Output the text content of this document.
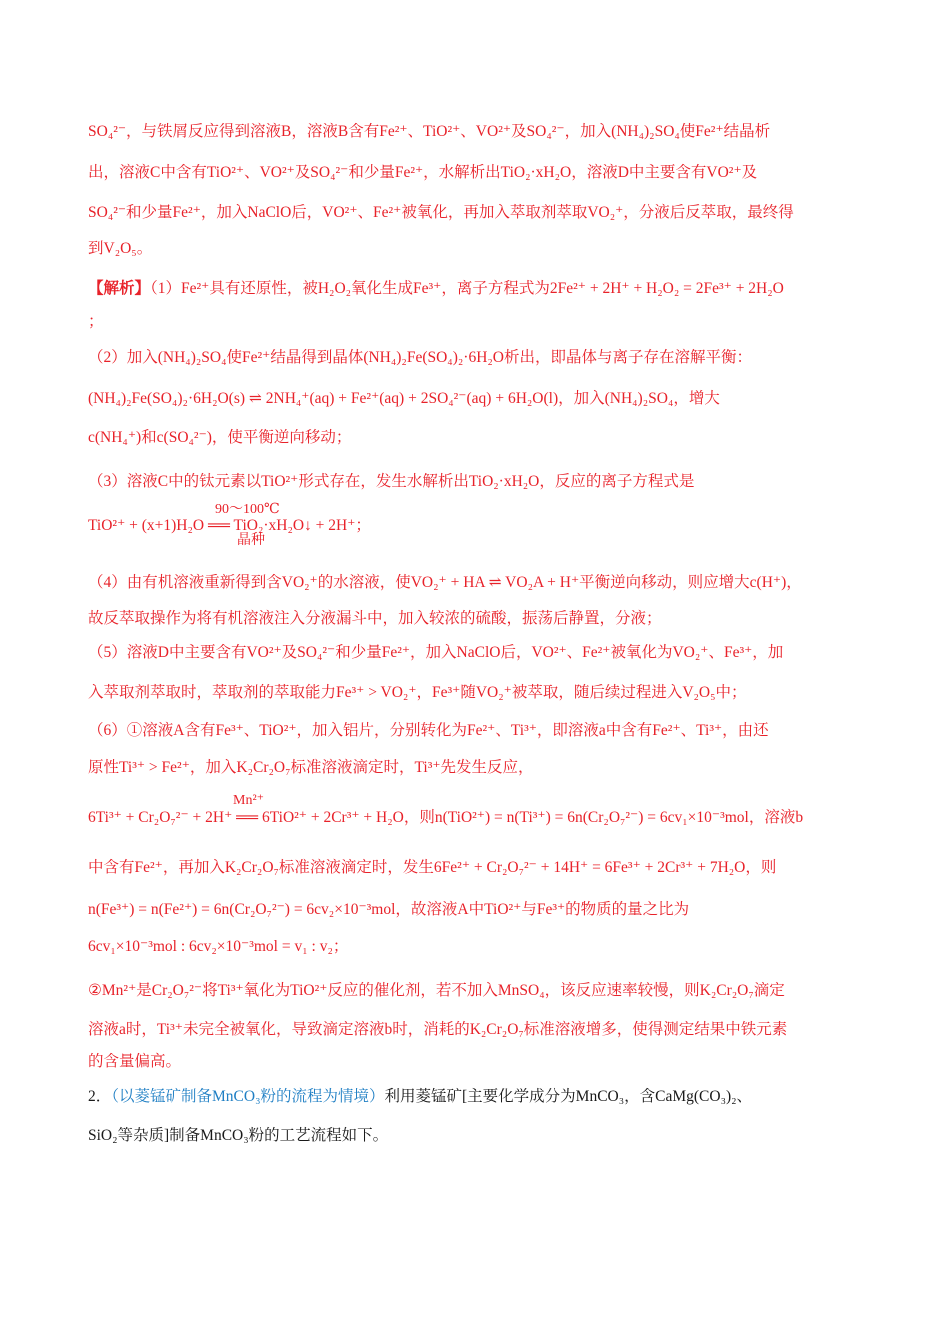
SO₄²⁻，与铁屑反应得到溶液B，溶液B含有Fe²⁺、TiO²⁺、VO²⁺及SO₄²⁻，加入(NH₄)₂SO₄使Fe²⁺结晶析
出，溶液C中含有TiO²⁺、VO²⁺及SO₄²⁻和少量Fe²⁺，水解析出TiO₂·xH₂O，溶液D中主要含有VO²⁺及
SO₄²⁻和少量Fe²⁺，加入NaClO后，VO²⁺、Fe²⁺被氧化，再加入萃取剂萃取VO₂⁺，分液后反萃取，最终得
到V₂O₅。
【解析】（1）Fe²⁺具有还原性，被H₂O₂氧化生成Fe³⁺，离子方程式为2Fe²⁺ + 2H⁺ + H₂O₂ = 2Fe³⁺ + 2H₂O
；
（2）加入(NH₄)₂SO₄使Fe²⁺结晶得到晶体(NH₄)₂Fe(SO₄)₂·6H₂O析出，即晶体与离子存在溶解平衡：
(NH₄)₂Fe(SO₄)₂·6H₂O(s) ⇌ 2NH₄⁺(aq) + Fe²⁺(aq) + 2SO₄²⁻(aq) + 6H₂O(l)，加入(NH₄)₂SO₄，增大
c(NH₄⁺)和c(SO₄²⁻)，使平衡逆向移动；
（3）溶液C中的钛元素以TiO²⁺形式存在，发生水解析出TiO₂·xH₂O，反应的离子方程式是
90～100℃
TiO²⁺ + (x+1)H₂O ══ TiO₂·xH₂O↓ + 2H⁺；
晶种
（4）由有机溶液重新得到含VO₂⁺的水溶液，使VO₂⁺ + HA ⇌ VO₂A + H⁺平衡逆向移动，则应增大c(H⁺)，
故反萃取操作为将有机溶液注入分液漏斗中，加入较浓的硫酸，振荡后静置，分液；
（5）溶液D中主要含有VO²⁺及SO₄²⁻和少量Fe²⁺，加入NaClO后，VO²⁺、Fe²⁺被氧化为VO₂⁺、Fe³⁺，加
入萃取剂萃取时，萃取剂的萃取能力Fe³⁺ > VO₂⁺，Fe³⁺随VO₂⁺被萃取，随后续过程进入V₂O₅中；
（6）①溶液A含有Fe³⁺、TiO²⁺，加入铝片，分别转化为Fe²⁺、Ti³⁺，即溶液a中含有Fe²⁺、Ti³⁺，由还
原性Ti³⁺ > Fe²⁺，加入K₂Cr₂O₇标准溶液滴定时，Ti³⁺先发生反应，
Mn²⁺
6Ti³⁺ + Cr₂O₇²⁻ + 2H⁺ ══ 6TiO²⁺ + 2Cr³⁺ + H₂O，则n(TiO²⁺) = n(Ti³⁺) = 6n(Cr₂O₇²⁻) = 6cv₁×10⁻³mol，溶液b
中含有Fe²⁺，再加入K₂Cr₂O₇标准溶液滴定时，发生6Fe²⁺ + Cr₂O₇²⁻ + 14H⁺ = 6Fe³⁺ + 2Cr³⁺ + 7H₂O，则
n(Fe³⁺) = n(Fe²⁺) = 6n(Cr₂O₇²⁻) = 6cv₂×10⁻³mol，故溶液A中TiO²⁺与Fe³⁺的物质的量之比为
6cv₁×10⁻³mol : 6cv₂×10⁻³mol = v₁ : v₂；
②Mn²⁺是Cr₂O₇²⁻将Ti³⁺氧化为TiO²⁺反应的催化剂，若不加入MnSO₄，该反应速率较慢，则K₂Cr₂O₇滴定
溶液a时，Ti³⁺未完全被氧化，导致滴定溶液b时，消耗的K₂Cr₂O₇标准溶液增多，使得测定结果中铁元素
的含量偏高。
2．（以菱锰矿制备MnCO₃粉的流程为情境）利用菱锰矿[主要化学成分为MnCO₃，含CaMg(CO₃)₂、
SiO₂等杂质]制备MnCO₃粉的工艺流程如下。
